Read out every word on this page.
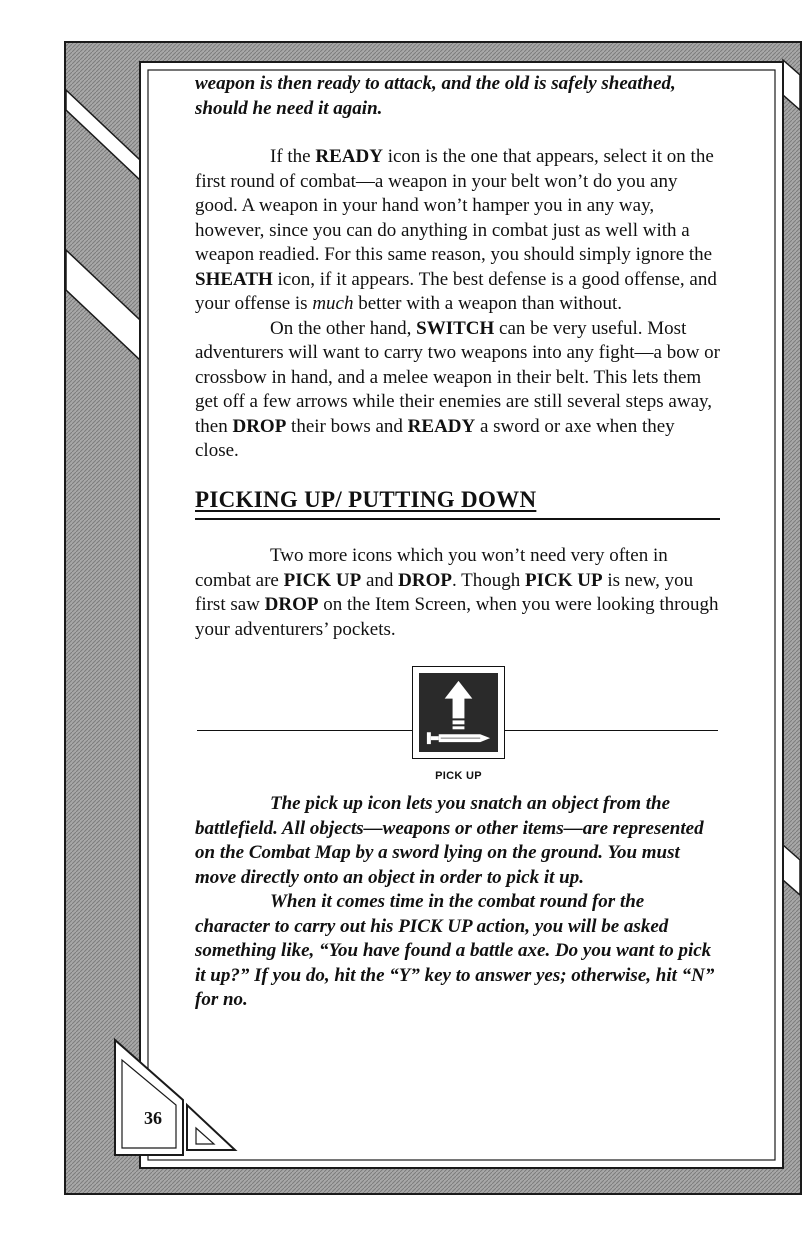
weapon is then ready to attack, and the old is safely sheathed, should he need it again.

If the READY icon is the one that appears, select it on the first round of combat—a weapon in your belt won’t do you any good. A weapon in your hand won’t hamper you in any way, however, since you can do anything in combat just as well with a weapon readied. For this same reason, you should simply ignore the SHEATH icon, if it appears. The best defense is a good offense, and your offense is much better with a weapon than without.

On the other hand, SWITCH can be very useful. Most adventurers will want to carry two weapons into any fight—a bow or crossbow in hand, and a melee weapon in their belt. This lets them get off a few arrows while their enemies are still several steps away, then DROP their bows and READY a sword or axe when they close.

PICKING UP/ PUTTING DOWN

Two more icons which you won’t need very often in combat are PICK UP and DROP. Though PICK UP is new, you first saw DROP on the Item Screen, when you were looking through your adventurers’ pockets.

PICK UP

The pick up icon lets you snatch an object from the battlefield. All objects—weapons or other items—are represented on the Combat Map by a sword lying on the ground. You must move directly onto an object in order to pick it up.

When it comes time in the combat round for the character to carry out his PICK UP action, you will be asked something like, “You have found a battle axe. Do you want to pick it up?” If you do, hit the “Y” key to answer yes; otherwise, hit “N” for no.

36
